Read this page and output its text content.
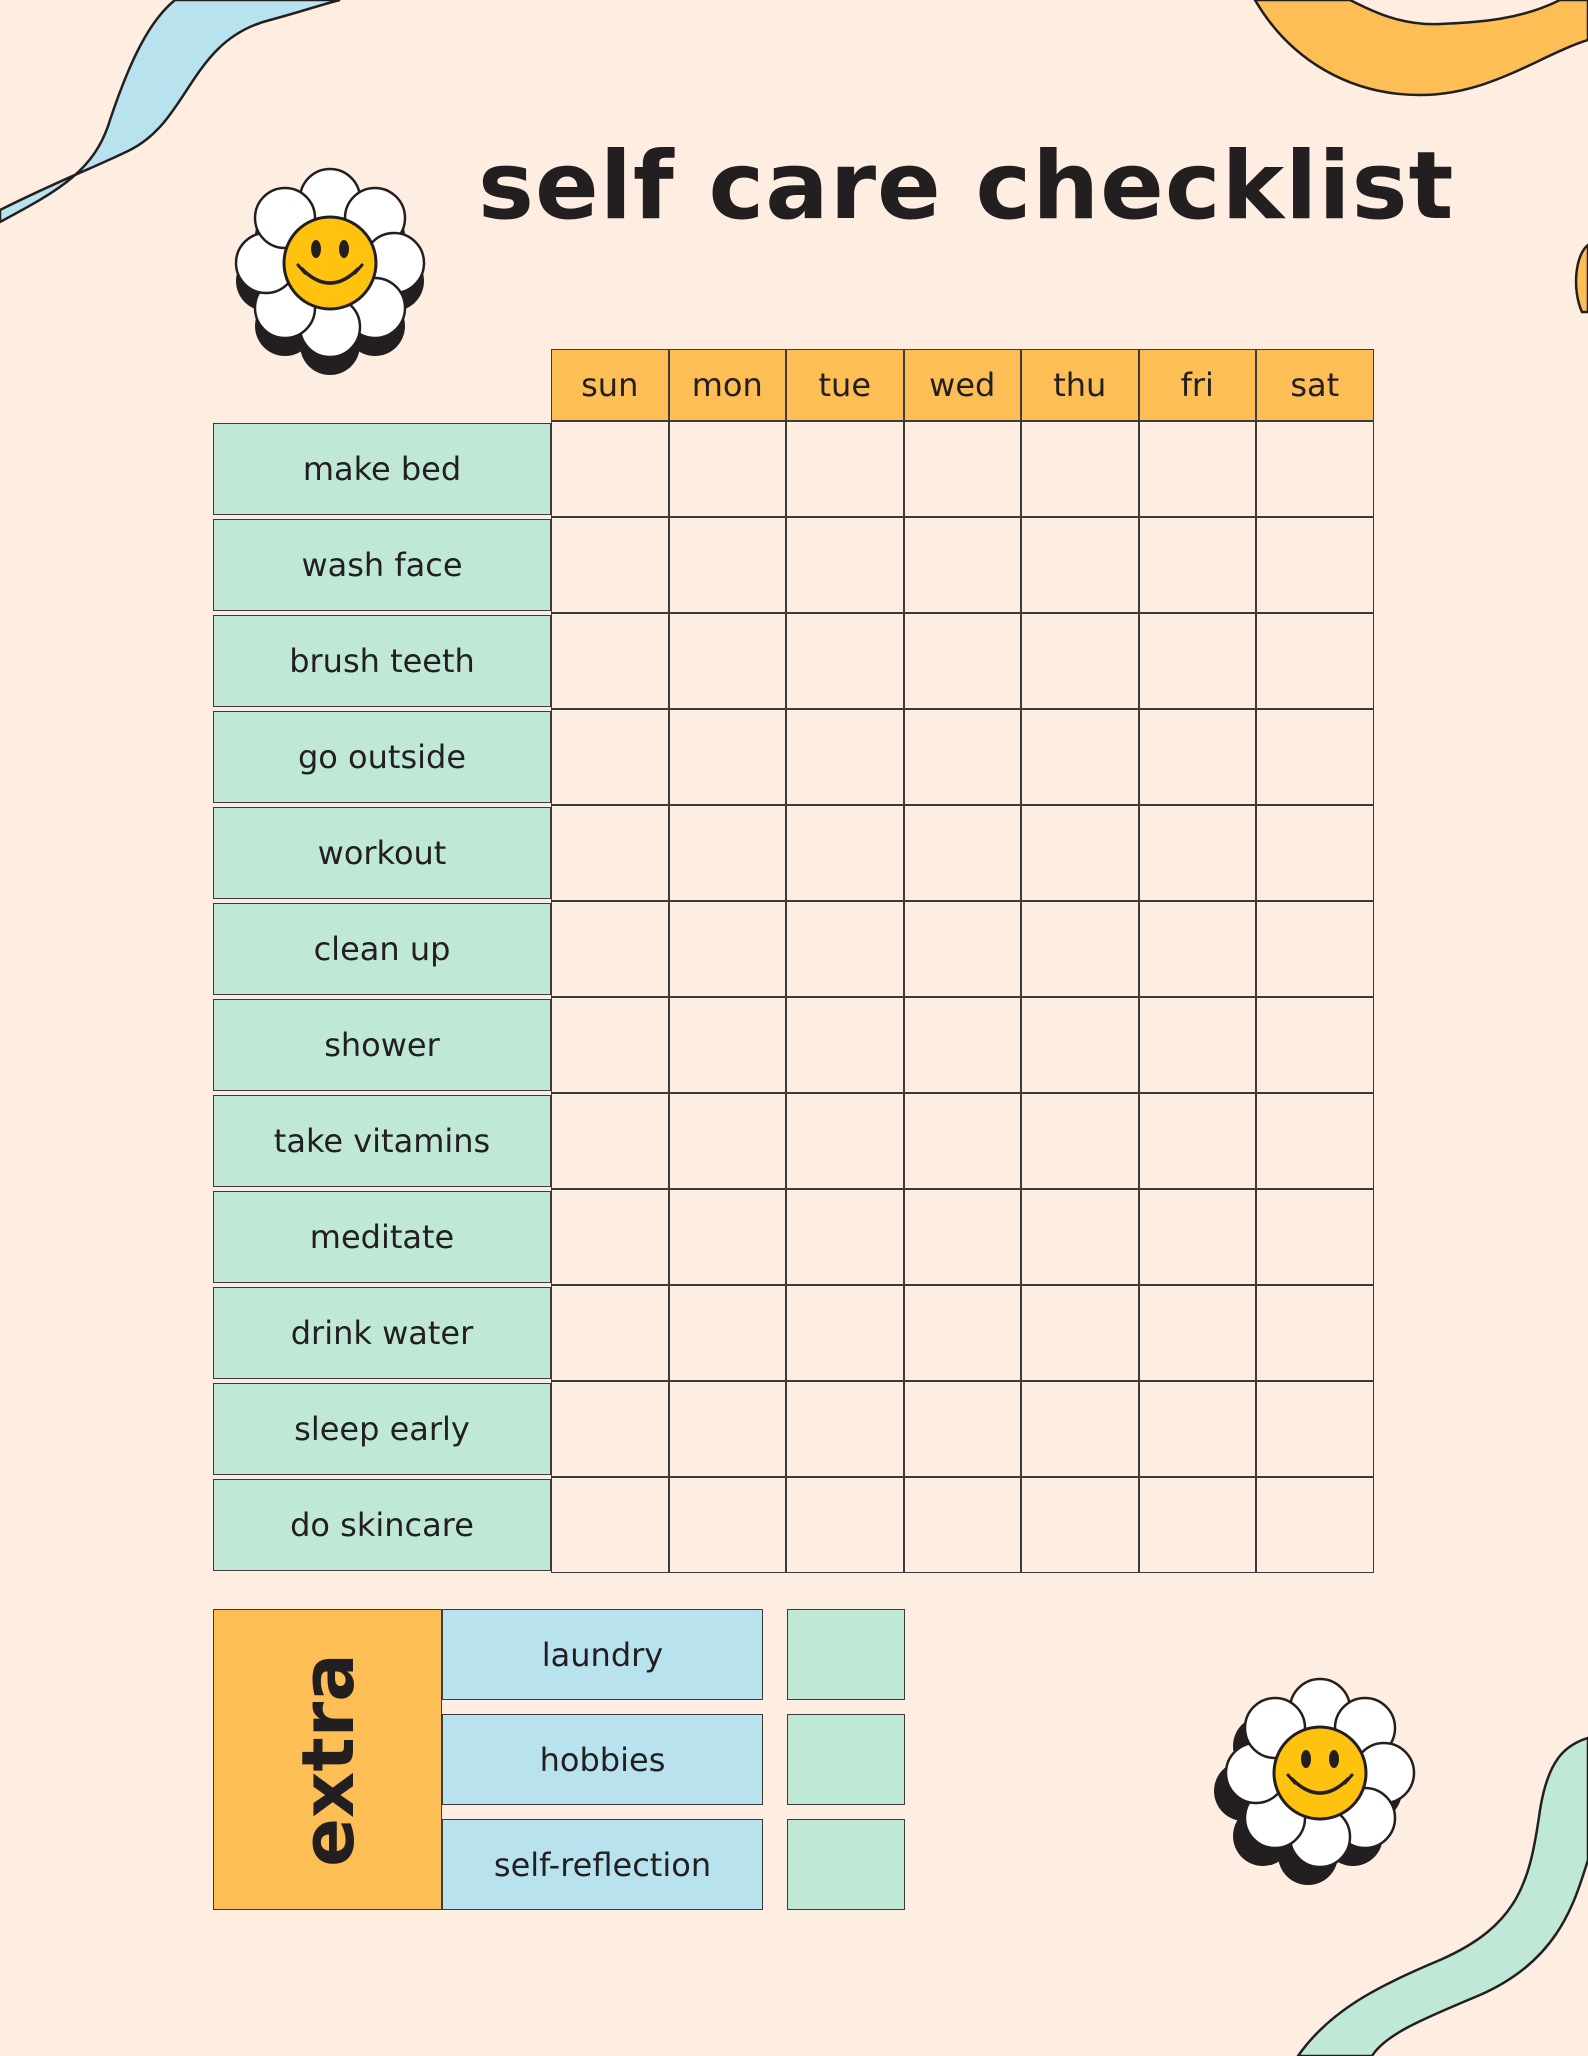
self care checklist
sun	mon	tue	wed	thu	fri	sat
make bed
wash face
brush teeth
go outside
workout
clean up
shower
take vitamins
meditate
drink water
sleep early
do skincare
extra	laundry
hobbies
self-reflection
